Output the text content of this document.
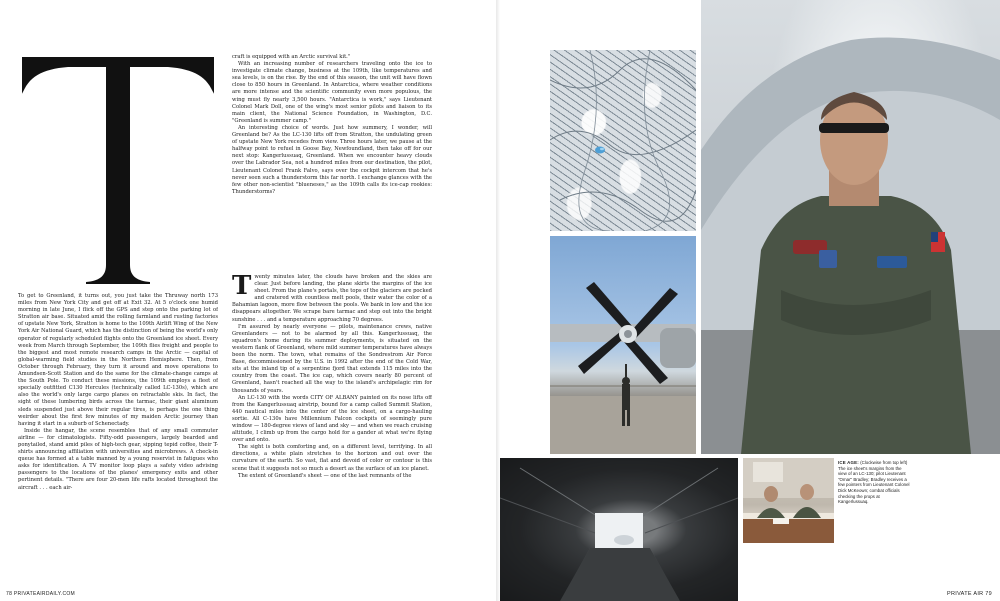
To get to Greenland, it turns out, you just take the Thruway north 173 miles from New York City and get off at Exit 32. At 5 o'clock one humid morning in late June, I flick off the GPS and step onto the parking lot of Stratton air base. Situated amid the rolling farmland and rusting factories of upstate New York, Stratton is home to the 109th Airlift Wing of the New York Air National Guard, which has the distinction of being the world's only operator of regularly scheduled flights onto the Greenland ice sheet. Every week from March through September, the 109th flies freight and people to the biggest and most remote research camps in the Arctic — capital of global-warming field studies in the Northern Hemisphere. Then, from October through February, they turn it around and move operations to Amundsen-Scott Station and do the same for the climate-change camps at the South Pole. To conduct these missions, the 109th employs a fleet of specially outfitted C130 Hercules (technically called LC-130s), which are also the world's only large cargo planes on retractable skis. In fact, the sight of these lumbering birds across the tarmac, their giant aluminum sleds suspended just above their regular tires, is perhaps the one thing weirder about the first few minutes of my maiden Arctic journey than having it start in a suburb of Schenectady.

Inside the hangar, the scene resembles that of any small commuter airline — for climatologists. Fifty-odd passengers, largely bearded and ponytailed, stand amid piles of high-tech gear, sipping tepid coffee, their T-shirts announcing affiliation with universities and microbrews. A check-in queue has formed at a table manned by a young reservist in fatigues who asks for identification. A TV monitor loop plays a safety video advising passengers to the locations of the planes' emergency exits and other pertinent details. "There are four 20-men life rafts located throughout the aircraft . . . each air-

craft is equipped with an Arctic survival kit."

With an increasing number of researchers traveling onto the ice to investigate climate change, business at the 109th, like temperatures and sea levels, is on the rise. By the end of this season, the unit will have flown close to 850 hours in Greenland. In Antarctica, where weather conditions are more intense and the scientific community even more populous, the wing must fly nearly 3,500 hours. "Antarctica is work," says Lieutenant Colonel Mark Doll, one of the wing's most senior pilots and liaison to its main client, the National Science Foundation, in Washington, D.C. "Greenland is summer camp."

An interesting choice of words. Just how summery, I wonder, will Greenland be? As the LC-130 lifts off from Stratton, the undulating green of upstate New York recedes from view. Three hours later, we pause at the halfway point to refuel in Goose Bay, Newfoundland, then take off for our next stop: Kangerlussuaq, Greenland. When we encounter heavy clouds over the Labrador Sea, not a hundred miles from our destination, the pilot, Lieutenant Colonel Frank Falvo, says over the cockpit intercom that he's never seen such a thunderstorm this far north. I exchange glances with the few other non-scientist "blueneses," as the 109th calls its ice-cap rookies: Thunderstorms?

Twenty minutes later, the clouds have broken and the skies are clear. Just before landing, the plane skirts the margins of the ice sheet. From the plane's portals, the tops of the glaciers are pocked and cratered with countless melt pools, their water the color of a Bahamian lagoon, more flow between the pools. We bank in low and the ice disappears altogether. We scrape bare tarmac and step out into the bright sunshine . . . and a temperature approaching 70 degrees.

I'm assured by nearly everyone — pilots, maintenance crews, native Greenlanders — not to be alarmed by all this. Kangerlussuaq, the squadron's home during its summer deployments, is situated on the western flank of Greenland, where mild summer temperatures have always been the norm. The town, what remains of the Sondrestrom Air Force Base, decommissioned by the U.S. in 1992 after the end of the Cold War, sits at the inland tip of a serpentine fjord that extends 115 miles into the country from the coast. The ice cap, which covers nearly 80 percent of Greenland, hasn't reached all the way to the island's archipelagic rim for thousands of years.

An LC-130 with the words CITY OF ALBANY painted on its nose lifts off from the Kangerlussuaq airstrip, bound for a camp called Summit Station, 440 nautical miles into the center of the ice sheet, on a cargo-hauling sortie. All C-130s have Millennium Falcon cockpits of seemingly pure window — 180-degree views of land and sky — and when we reach cruising altitude, I climb up from the cargo hold for a gander at what we're flying over and onto.

The sight is both comforting and, on a different level, terrifying. In all directions, a white plain stretches to the horizon and out over the curvature of the earth. So vast, flat and devoid of color or contour is this scene that it suggests not so much a desert as the surface of an ice planet.

The extent of Greenland's sheet — one of the last remnants of the

78 PRIVATEAIRDAILY.COM
ICE AGE: (Clockwise from top left) The ice sheet's margins from the view of an LC-130; pilot Lieutenant "Omar" Bradley; Bradley receives a few pointers from Lieutenant Colonel Dick McKeown; combat officials checking the props at Kangerlussuaq.
PRIVATE AIR 79
